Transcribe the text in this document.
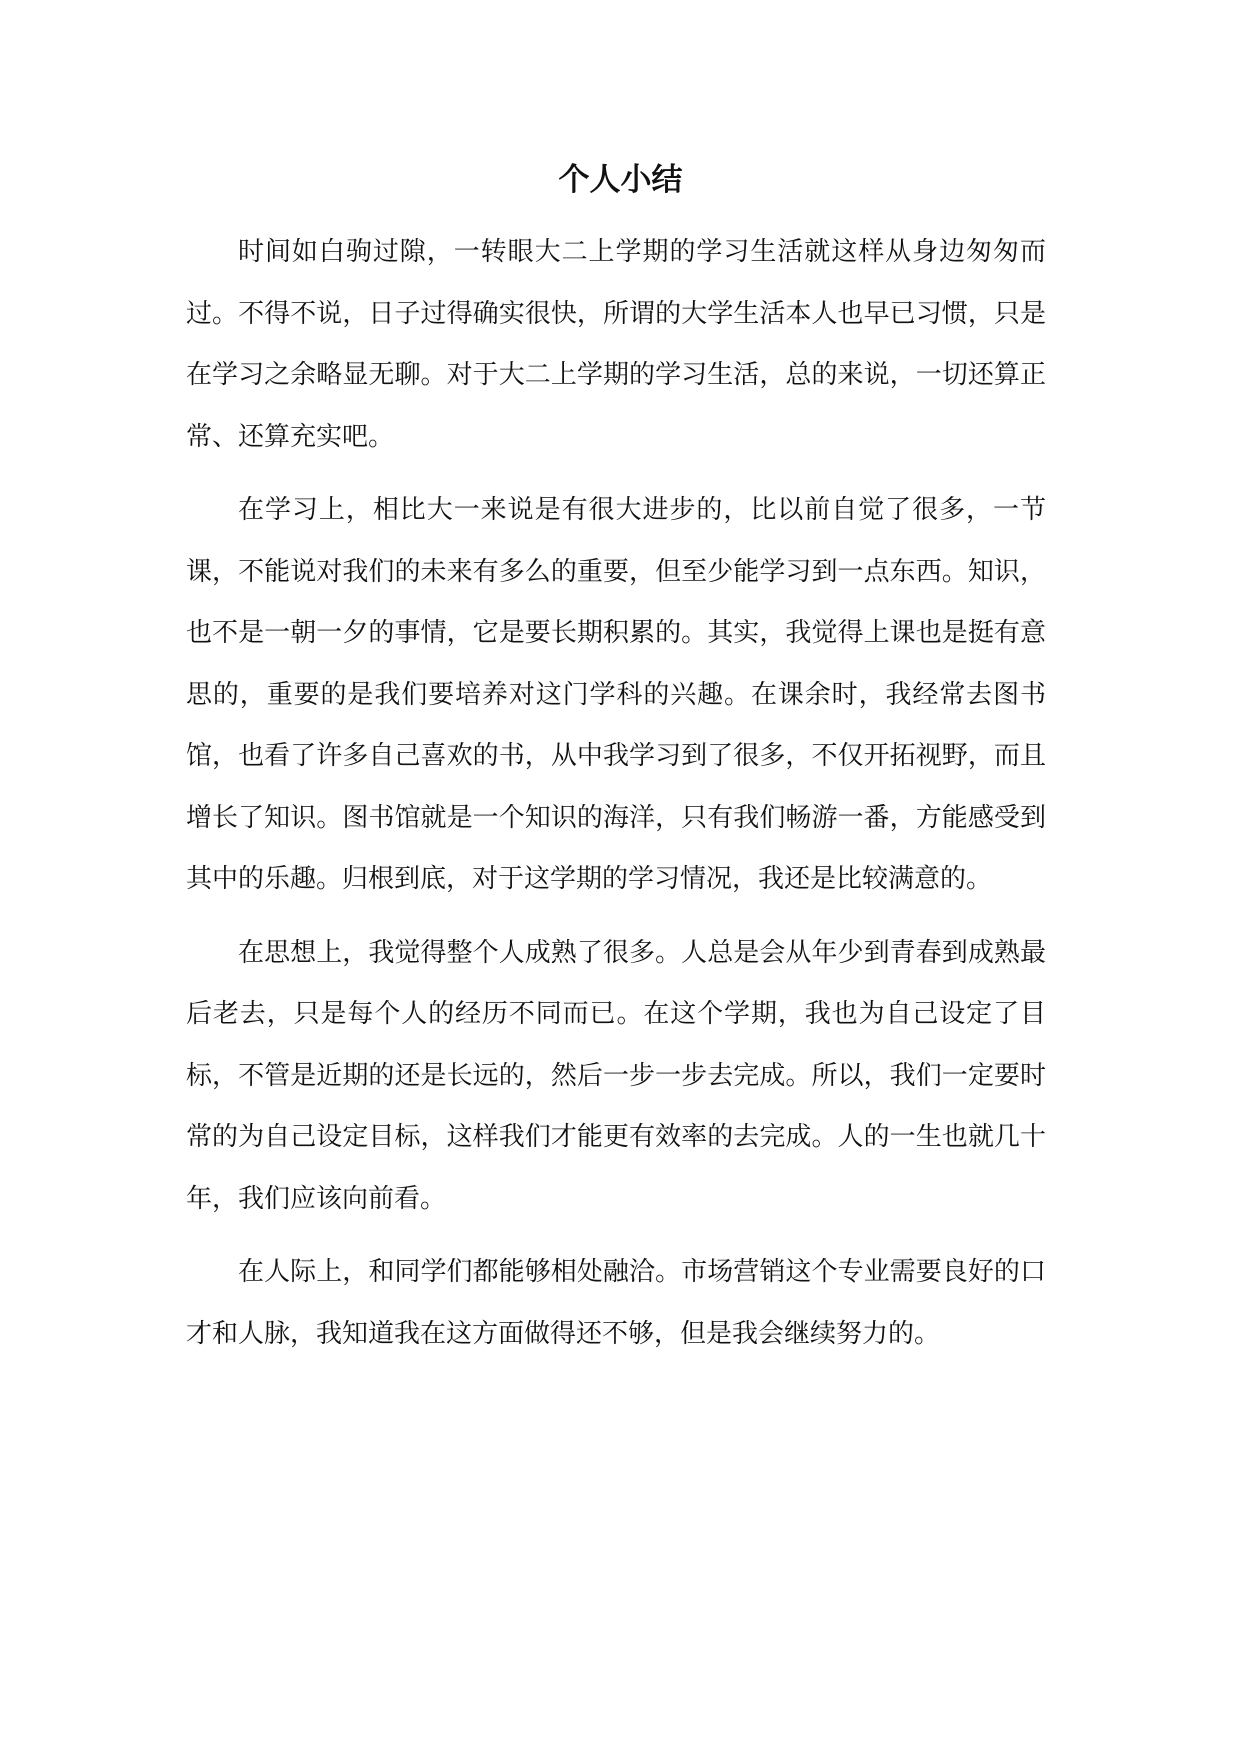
个人小结

时间如白驹过隙，一转眼大二上学期的学习生活就这样从身边匆匆而过。不得不说，日子过得确实很快，所谓的大学生活本人也早已习惯，只是在学习之余略显无聊。对于大二上学期的学习生活，总的来说，一切还算正常、还算充实吧。

在学习上，相比大一来说是有很大进步的，比以前自觉了很多，一节课，不能说对我们的未来有多么的重要，但至少能学习到一点东西。知识，也不是一朝一夕的事情，它是要长期积累的。其实，我觉得上课也是挺有意思的，重要的是我们要培养对这门学科的兴趣。在课余时，我经常去图书馆，也看了许多自己喜欢的书，从中我学习到了很多，不仅开拓视野，而且增长了知识。图书馆就是一个知识的海洋，只有我们畅游一番，方能感受到其中的乐趣。归根到底，对于这学期的学习情况，我还是比较满意的。

在思想上，我觉得整个人成熟了很多。人总是会从年少到青春到成熟最后老去，只是每个人的经历不同而已。在这个学期，我也为自己设定了目标，不管是近期的还是长远的，然后一步一步去完成。所以，我们一定要时常的为自己设定目标，这样我们才能更有效率的去完成。人的一生也就几十年，我们应该向前看。

在人际上，和同学们都能够相处融洽。市场营销这个专业需要良好的口才和人脉，我知道我在这方面做得还不够，但是我会继续努力的。
